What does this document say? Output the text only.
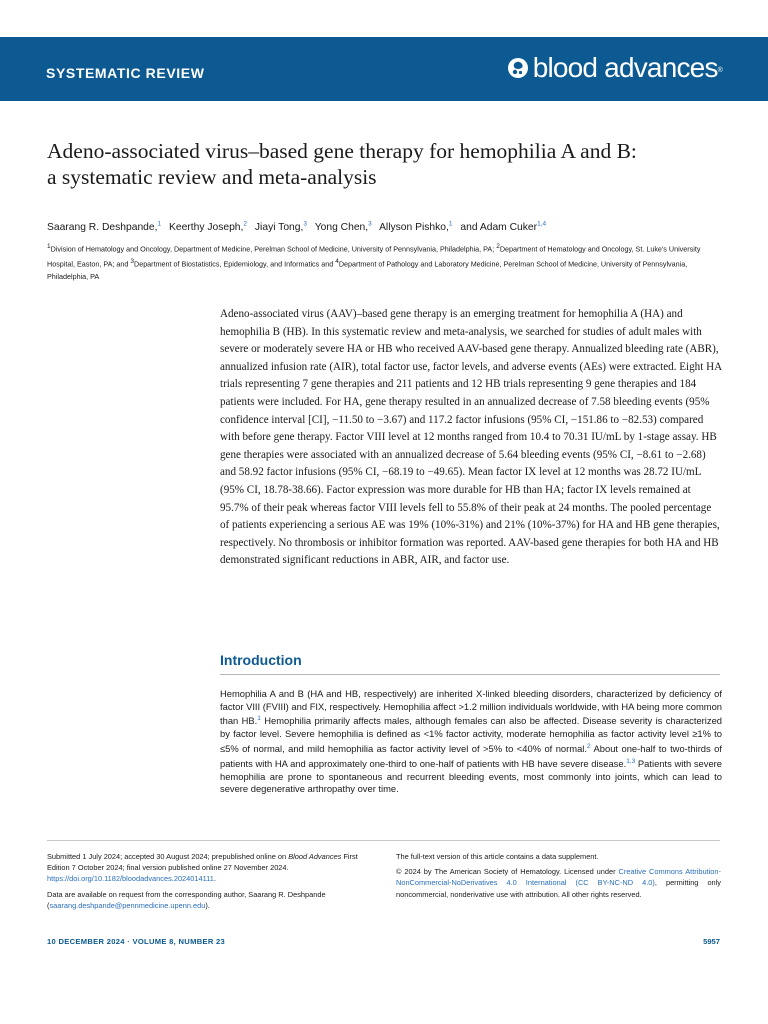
SYSTEMATIC REVIEW	blood advances®
Adeno-associated virus–based gene therapy for hemophilia A and B:
a systematic review and meta-analysis
Saarang R. Deshpande,$^1$ Keerthy Joseph,$^2$ Jiayi Tong,$^3$ Yong Chen,$^3$ Allyson Pishko,$^1$ and Adam Cuker$^{1,4}$
$^1$Division of Hematology and Oncology, Department of Medicine, Perelman School of Medicine, University of Pennsylvania, Philadelphia, PA; $^2$Department of Hematology and Oncology, St. Luke's University Hospital, Easton, PA; and $^3$Department of Biostatistics, Epidemiology, and Informatics and $^4$Department of Pathology and Laboratory Medicine, Perelman School of Medicine, University of Pennsylvania, Philadelphia, PA

Adeno-associated virus (AAV)–based gene therapy is an emerging treatment for hemophilia A (HA) and hemophilia B (HB). In this systematic review and meta-analysis, we searched for studies of adult males with severe or moderately severe HA or HB who received AAV-based gene therapy. Annualized bleeding rate (ABR), annualized infusion rate (AIR), total factor use, factor levels, and adverse events (AEs) were extracted. Eight HA trials representing 7 gene therapies and 211 patients and 12 HB trials representing 9 gene therapies and 184 patients were included. For HA, gene therapy resulted in an annualized decrease of 7.58 bleeding events (95% confidence interval [CI], −11.50 to −3.67) and 117.2 factor infusions (95% CI, −151.86 to −82.53) compared with before gene therapy. Factor VIII level at 12 months ranged from 10.4 to 70.31 IU/mL by 1-stage assay. HB gene therapies were associated with an annualized decrease of 5.64 bleeding events (95% CI, −8.61 to −2.68) and 58.92 factor infusions (95% CI, −68.19 to −49.65). Mean factor IX level at 12 months was 28.72 IU/mL (95% CI, 18.78-38.66). Factor expression was more durable for HB than HA; factor IX levels remained at 95.7% of their peak whereas factor VIII levels fell to 55.8% of their peak at 24 months. The pooled percentage of patients experiencing a serious AE was 19% (10%-31%) and 21% (10%-37%) for HA and HB gene therapies, respectively. No thrombosis or inhibitor formation was reported. AAV-based gene therapies for both HA and HB demonstrated significant reductions in ABR, AIR, and factor use.

Introduction

Hemophilia A and B (HA and HB, respectively) are inherited X-linked bleeding disorders, characterized by deficiency of factor VIII (FVIII) and FIX, respectively. Hemophilia affect >1.2 million individuals worldwide, with HA being more common than HB.$^1$ Hemophilia primarily affects males, although females can also be affected. Disease severity is characterized by factor level. Severe hemophilia is defined as <1% factor activity, moderate hemophilia as factor activity level ≥1% to ≤5% of normal, and mild hemophilia as factor activity level of >5% to <40% of normal.$^2$ About one-half to two-thirds of patients with HA and approximately one-third to one-half of patients with HB have severe disease.$^{1,3}$ Patients with severe hemophilia are prone to spontaneous and recurrent bleeding events, most commonly into joints, which can lead to severe degenerative arthropathy over time.

Submitted 1 July 2024; accepted 30 August 2024; prepublished online on Blood Advances First Edition 7 October 2024; final version published online 27 November 2024. https://doi.org/10.1182/bloodadvances.2024014111.

Data are available on request from the corresponding author, Saarang R. Deshpande (saarang.deshpande@pennmedicine.upenn.edu).

The full-text version of this article contains a data supplement.

© 2024 by The American Society of Hematology. Licensed under Creative Commons Attribution-NonCommercial-NoDerivatives 4.0 International (CC BY-NC-ND 4.0), permitting only noncommercial, nonderivative use with attribution. All other rights reserved.

10 DECEMBER 2024 · VOLUME 8, NUMBER 23	5957
